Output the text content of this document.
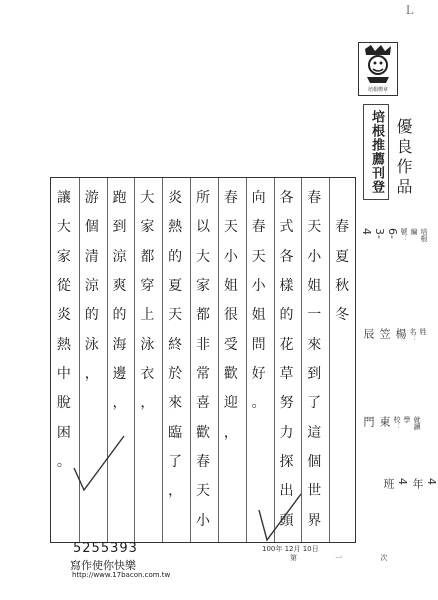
Ｌ
培根標章
培根推薦刊登 優良作品
春
夏
秋
冬
春
天
小
姐
一
來
到
了
這
個
世
界
各
式
各
樣
的
花
草
努
力
探
出
頭
向
春
天
小
姐
問
好
。
春
天
小
姐
很
受
歡
迎
，
所
以
大
家
都
非
常
喜
歡
春
天
小
炎
熱
的
夏
天
終
於
來
臨
了
，
大
家
都
穿
上
泳
衣
，
跑
到
涼
爽
的
海
邊
，
游
個
清
涼
的
泳
，
讓
大
家
從
炎
熱
中
脫
困
。
培根編號： 6-3-4
姓名： 楊笠辰
就讀學校： 東門
4年 4班
100年 12月 10日
第 一 次
5255393
寫作使你快樂
http://www.17bacon.com.tw
